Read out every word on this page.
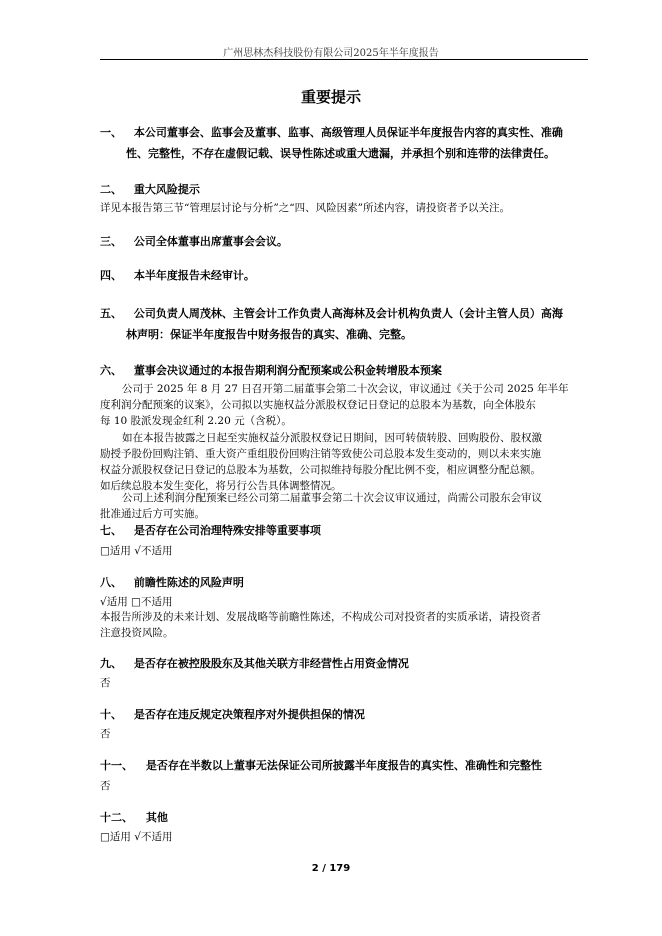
广州思林杰科技股份有限公司2025年半年度报告
重要提示
一、 本公司董事会、监事会及董事、监事、高级管理人员保证半年度报告内容的真实性、准确
性、完整性，不存在虚假记载、误导性陈述或重大遗漏，并承担个别和连带的法律责任。
二、 重大风险提示
详见本报告第三节“管理层讨论与分析”之“四、风险因素”所述内容，请投资者予以关注。
三、 公司全体董事出席董事会会议。
四、 本半年度报告未经审计。
五、 公司负责人周茂林、主管会计工作负责人高海林及会计机构负责人（会计主管人员）高海
林声明：保证半年度报告中财务报告的真实、准确、完整。
六、 董事会决议通过的本报告期利润分配预案或公积金转增股本预案
公司于 2025 年 8 月 27 日召开第二届董事会第二十次会议，审议通过《关于公司 2025 年半年
度利润分配预案的议案》，公司拟以实施权益分派股权登记日登记的总股本为基数，向全体股东
每 10 股派发现金红利 2.20 元（含税）。
如在本报告披露之日起至实施权益分派股权登记日期间，因可转债转股、回购股份、股权激
励授予股份回购注销、重大资产重组股份回购注销等致使公司总股本发生变动的，则以未来实施
权益分派股权登记日登记的总股本为基数，公司拟维持每股分配比例不变，相应调整分配总额。
如后续总股本发生变化，将另行公告具体调整情况。
公司上述利润分配预案已经公司第二届董事会第二十次会议审议通过，尚需公司股东会审议
批准通过后方可实施。
七、 是否存在公司治理特殊安排等重要事项
□适用 √不适用
八、 前瞻性陈述的风险声明
√适用 □不适用
本报告所涉及的未来计划、发展战略等前瞻性陈述，不构成公司对投资者的实质承诺，请投资者
注意投资风险。
九、 是否存在被控股股东及其他关联方非经营性占用资金情况
否
十、 是否存在违反规定决策程序对外提供担保的情况
否
十一、 是否存在半数以上董事无法保证公司所披露半年度报告的真实性、准确性和完整性
否
十二、 其他
□适用 √不适用
2 / 179
